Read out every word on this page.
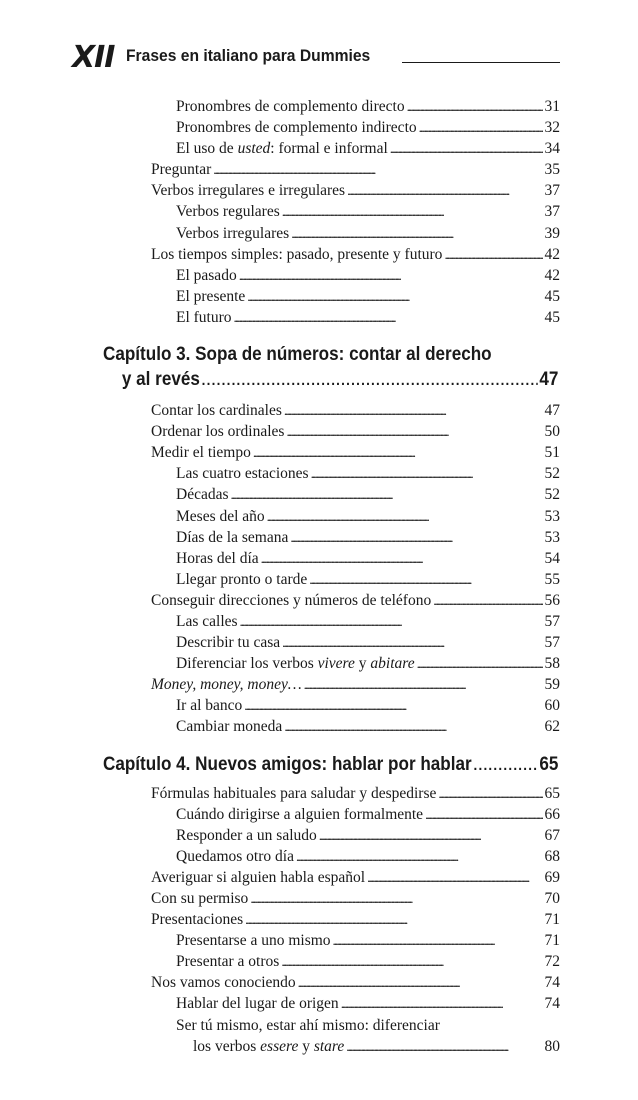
XII Frases en italiano para Dummies
Pronombres de complemento directo . . .	31
Pronombres de complemento indirecto . . .	32
El uso de usted: formal e informal . . .	34
Preguntar . . .	35
Verbos irregulares e irregulares . . .	37
Verbos regulares . . .	37
Verbos irregulares . . .	39
Los tiempos simples: pasado, presente y futuro . . .	42
El pasado . . .	42
El presente . . .	45
El futuro . . .	45
Capítulo 3. Sopa de números: contar al derecho
y al revés . . .	47
Contar los cardinales . . .	47
Ordenar los ordinales . . .	50
Medir el tiempo . . .	51
Las cuatro estaciones . . .	52
Décadas . . .	52
Meses del año . . .	53
Días de la semana . . .	53
Horas del día . . .	54
Llegar pronto o tarde . . .	55
Conseguir direcciones y números de teléfono . . .	56
Las calles . . .	57
Describir tu casa . . .	57
Diferenciar los verbos vivere y abitare . . .	58
Money, money, money… . . .	59
Ir al banco . . .	60
Cambiar moneda . . .	62
Capítulo 4. Nuevos amigos: hablar por hablar . . .	65
Fórmulas habituales para saludar y despedirse . . .	65
Cuándo dirigirse a alguien formalmente . . .	66
Responder a un saludo . . .	67
Quedamos otro día . . .	68
Averiguar si alguien habla español . . .	69
Con su permiso . . .	70
Presentaciones . . .	71
Presentarse a uno mismo . . .	71
Presentar a otros . . .	72
Nos vamos conociendo . . .	74
Hablar del lugar de origen . . .	74
Ser tú mismo, estar ahí mismo: diferenciar
los verbos essere y stare . . .	80
